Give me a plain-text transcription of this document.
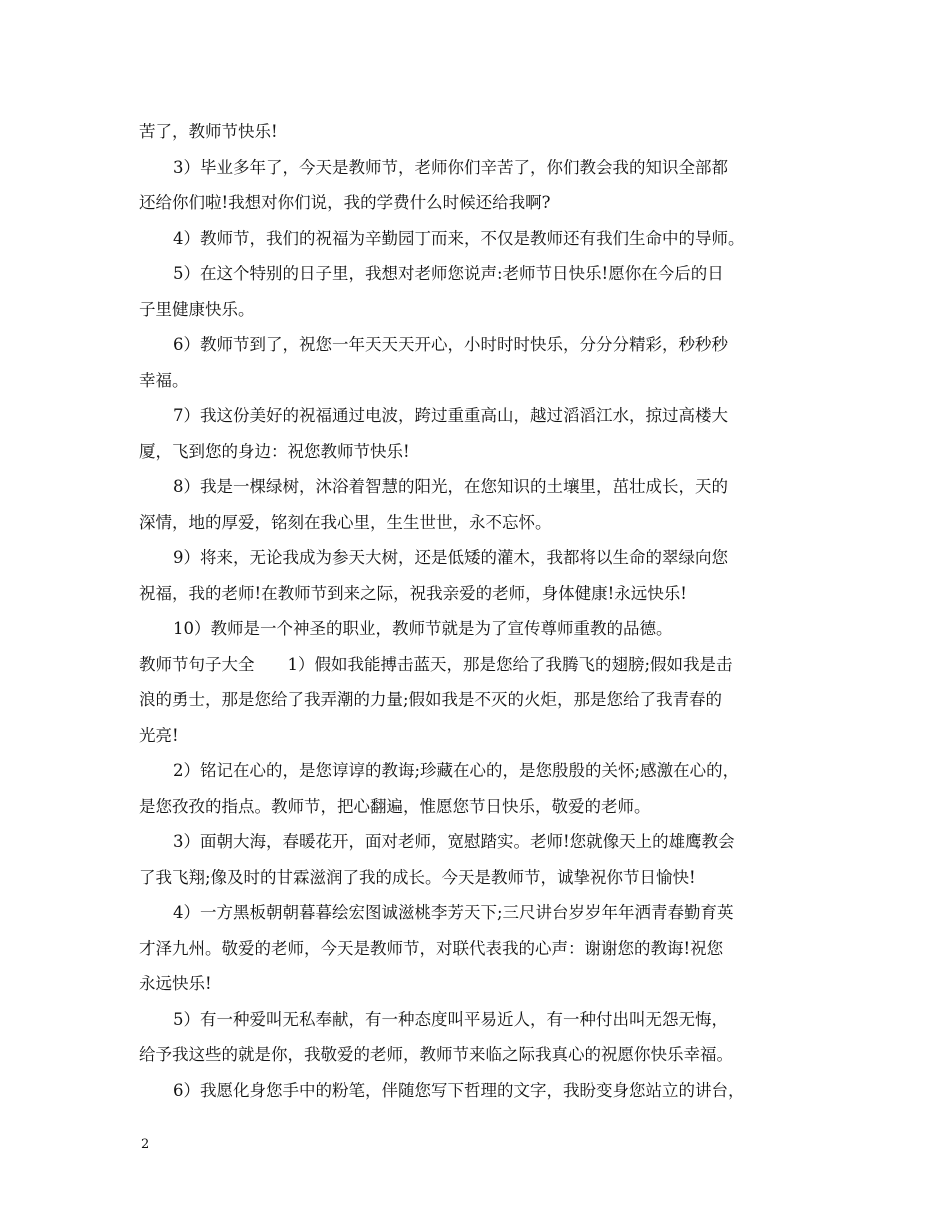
苦了，教师节快乐!
3）毕业多年了，今天是教师节，老师你们辛苦了，你们教会我的知识全部都
还给你们啦!我想对你们说，我的学费什么时候还给我啊?
4）教师节，我们的祝福为辛勤园丁而来，不仅是教师还有我们生命中的导师。
5）在这个特别的日子里，我想对老师您说声:老师节日快乐!愿你在今后的日
子里健康快乐。
6）教师节到了，祝您一年天天天开心，小时时时快乐，分分分精彩，秒秒秒
幸福。
7）我这份美好的祝福通过电波，跨过重重高山，越过滔滔江水，掠过高楼大
厦，飞到您的身边：祝您教师节快乐!
8）我是一棵绿树，沐浴着智慧的阳光，在您知识的土壤里，茁壮成长，天的
深情，地的厚爱，铭刻在我心里，生生世世，永不忘怀。
9）将来，无论我成为参天大树，还是低矮的灌木，我都将以生命的翠绿向您
祝福，我的老师!在教师节到来之际，祝我亲爱的老师，身体健康!永远快乐!
10）教师是一个神圣的职业，教师节就是为了宣传尊师重教的品德。
教师节句子大全　　1）假如我能搏击蓝天，那是您给了我腾飞的翅膀;假如我是击
浪的勇士，那是您给了我弄潮的力量;假如我是不灭的火炬，那是您给了我青春的
光亮!
2）铭记在心的，是您谆谆的教诲;珍藏在心的，是您殷殷的关怀;感激在心的，
是您孜孜的指点。教师节，把心翻遍，惟愿您节日快乐，敬爱的老师。
3）面朝大海，春暖花开，面对老师，宽慰踏实。老师!您就像天上的雄鹰教会
了我飞翔;像及时的甘霖滋润了我的成长。今天是教师节，诚挚祝你节日愉快!
4）一方黑板朝朝暮暮绘宏图诚滋桃李芳天下;三尺讲台岁岁年年洒青春勤育英
才泽九州。敬爱的老师，今天是教师节，对联代表我的心声：谢谢您的教诲!祝您
永远快乐!
5）有一种爱叫无私奉献，有一种态度叫平易近人，有一种付出叫无怨无悔，
给予我这些的就是你，我敬爱的老师，教师节来临之际我真心的祝愿你快乐幸福。
6）我愿化身您手中的粉笔，伴随您写下哲理的文字，我盼变身您站立的讲台，
2
